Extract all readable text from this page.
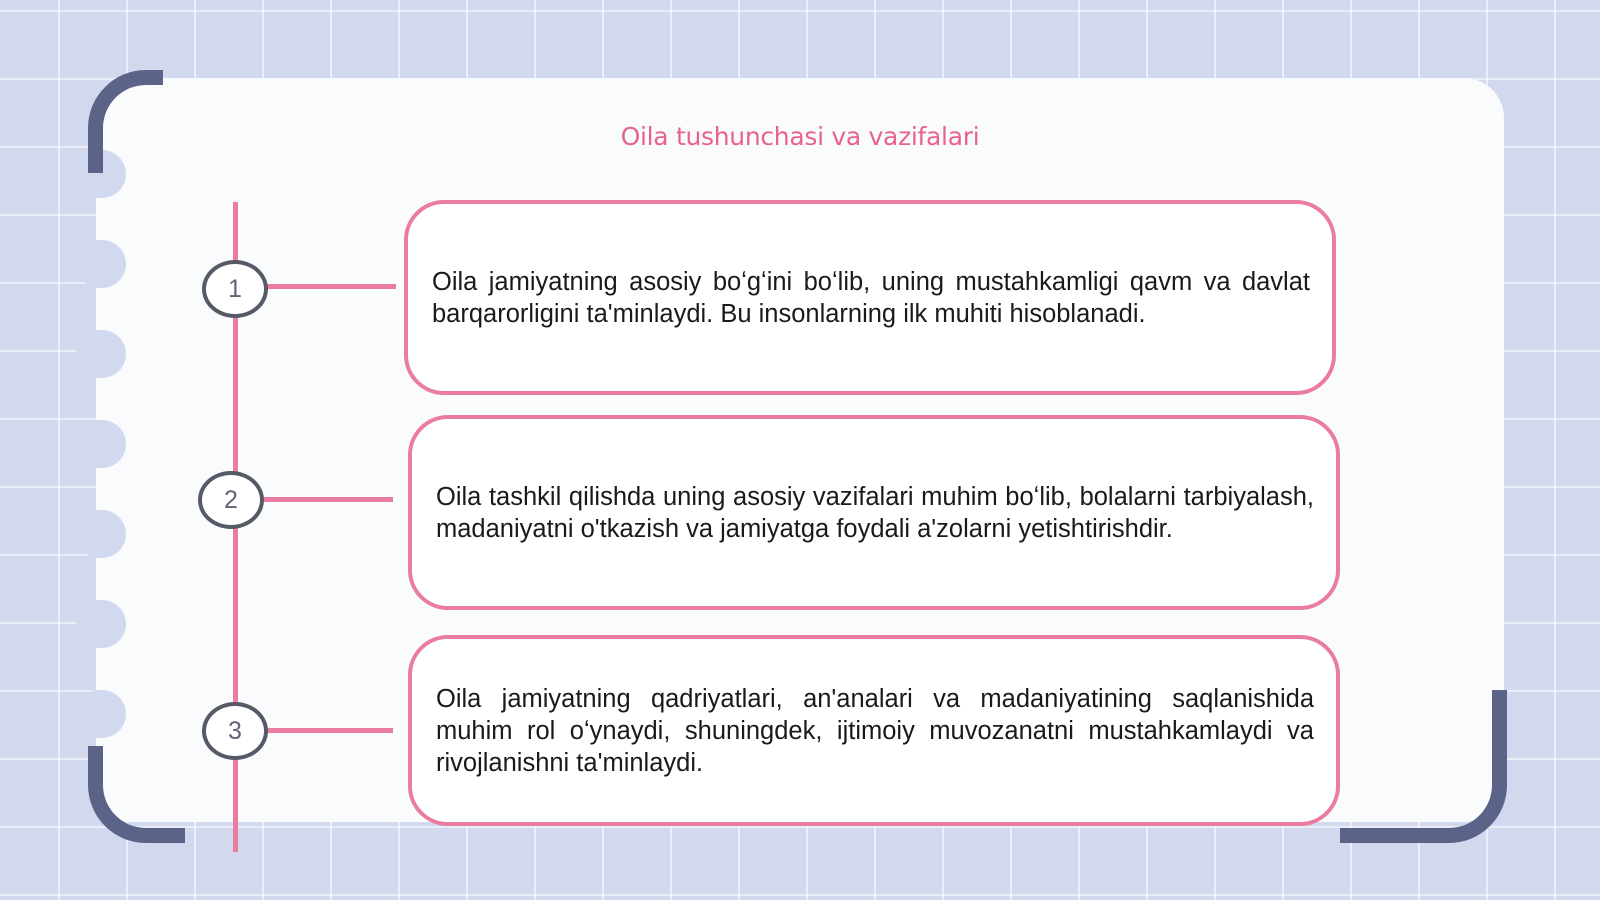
Oila tushunchasi va vazifalari
1	Oila jamiyatning asosiy boʻgʻini boʻlib, uning mustahkamligi qavm va davlat barqarorligini ta'minlaydi. Bu insonlarning ilk muhiti hisoblanadi.

2	Oila tashkil qilishda uning asosiy vazifalari muhim boʻlib, bolalarni tarbiyalash, madaniyatni o'tkazish va jamiyatga foydali a'zolarni yetishtirishdir.

3

Oila jamiyatning qadriyatlari, an'analari va madaniyatining saqlanishida muhim rol oʻynaydi, shuningdek, ijtimoiy muvozanatni mustahkamlaydi va rivojlanishni ta'minlaydi.
